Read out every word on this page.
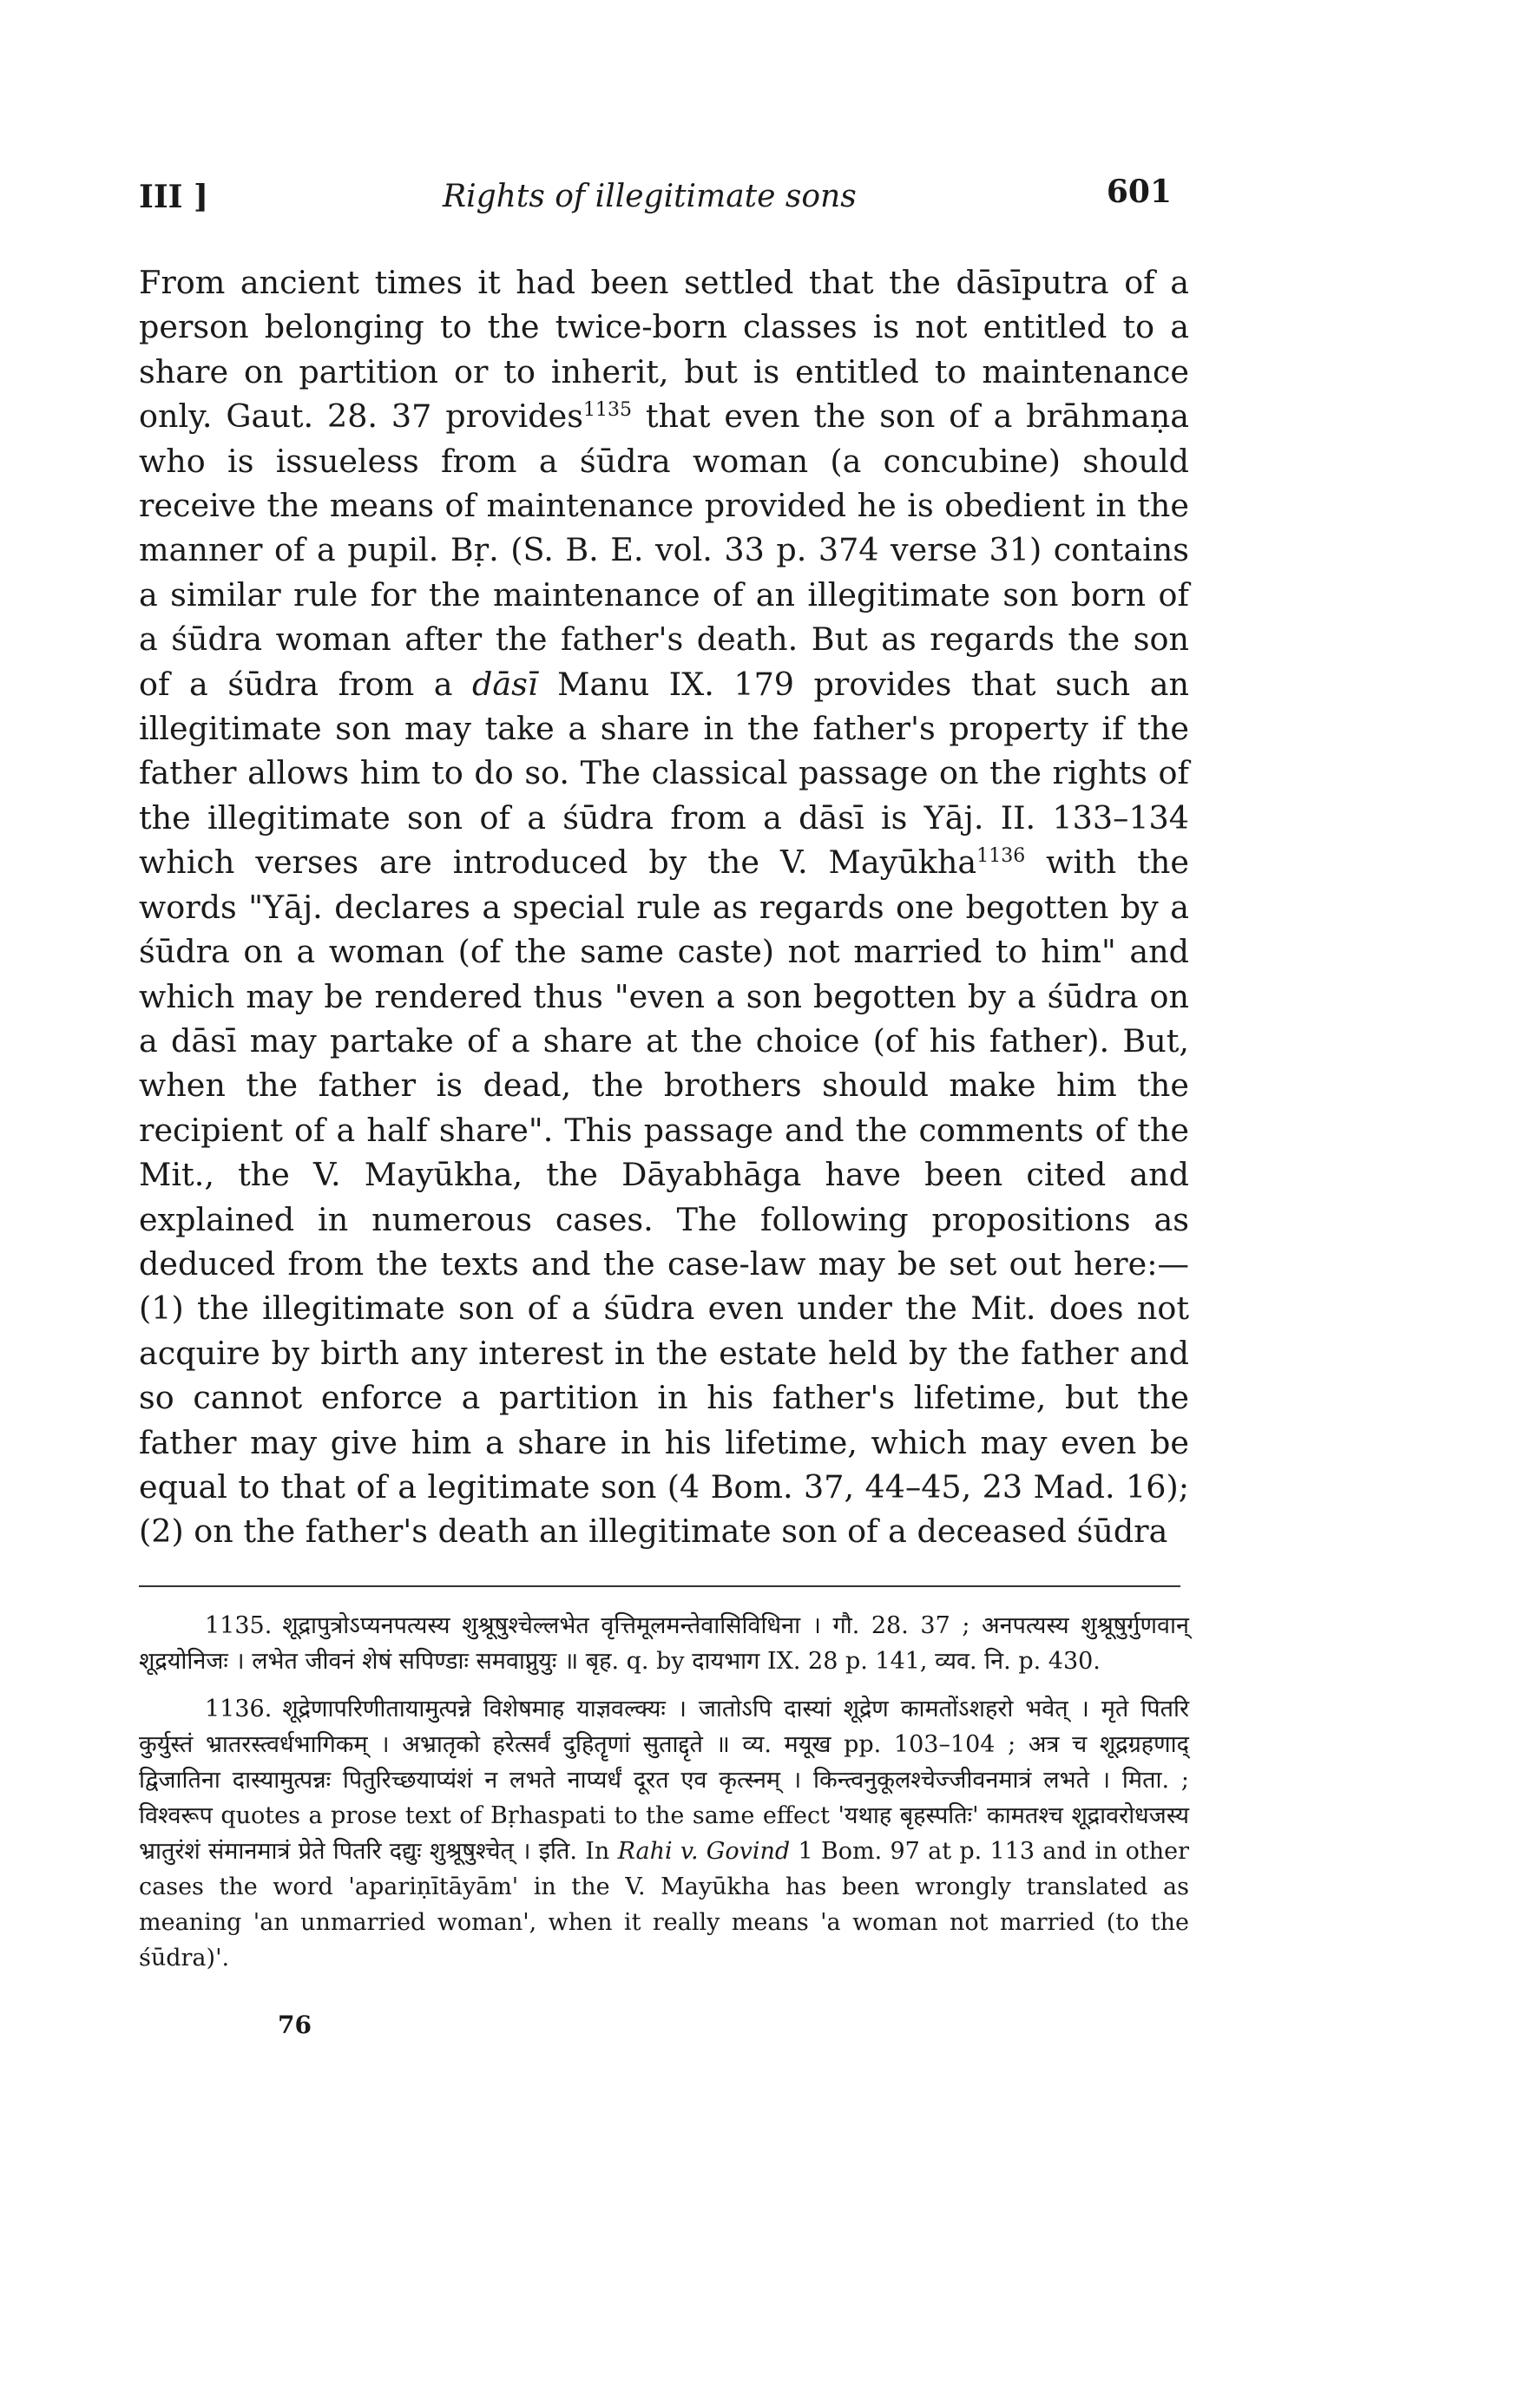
III ]	Rights of illegitimate sons	601

From ancient times it had been settled that the dāsīputra of a person belonging to the twice-born classes is not entitled to a share on partition or to inherit, but is entitled to maintenance only. Gaut. 28. 37 provides$^{1135}$ that even the son of a brāhmaṇa who is issueless from a śūdra woman (a concubine) should receive the means of maintenance provided he is obedient in the manner of a pupil. Bṛ. (S. B. E. vol. 33 p. 374 verse 31) contains a similar rule for the maintenance of an illegitimate son born of a śūdra woman after the father's death. But as regards the son of a śūdra from a dāsī Manu IX. 179 provides that such an illegitimate son may take a share in the father's property if the father allows him to do so. The classical passage on the rights of the illegitimate son of a śūdra from a dāsī is Yāj. II. 133–134 which verses are introduced by the V. Mayūkha$^{1136}$ with the words "Yāj. declares a special rule as regards one begotten by a śūdra on a woman (of the same caste) not married to him" and which may be rendered thus "even a son begotten by a śūdra on a dāsī may partake of a share at the choice (of his father). But, when the father is dead, the brothers should make him the recipient of a half share". This passage and the comments of the Mit., the V. Mayūkha, the Dāyabhāga have been cited and explained in numerous cases. The following propositions as deduced from the texts and the case-law may be set out here:—(1) the illegitimate son of a śūdra even under the Mit. does not acquire by birth any interest in the estate held by the father and so cannot enforce a partition in his father's lifetime, but the father may give him a share in his lifetime, which may even be equal to that of a legitimate son (4 Bom. 37, 44–45, 23 Mad. 16); (2) on the father's death an illegitimate son of a deceased śūdra

1135. शूद्रापुत्रोऽप्यनपत्यस्य शुश्रूषुश्चेल्लभेत वृत्तिमूलमन्तेवासिविधिना । गौ. 28. 37 ; अनपत्यस्य शुश्रूषुर्गुणवान् शूद्रयोनिजः । लभेत जीवनं शेषं सपिण्डाः समवाप्नुयुः ॥ बृह. q. by दायभाग IX. 28 p. 141, व्यव. नि. p. 430.

1136. शूद्रेणापरिणीतायामुत्पन्ने विशेषमाह याज्ञवल्क्यः । जातोऽपि दास्यां शूद्रेण कामतोंऽशहरो भवेत् । मृते पितरि कुर्युस्तं भ्रातरस्त्वर्धभागिकम् । अभ्रातृको हरेत्सर्वं दुहितॄणां सुताद्दृते ॥ व्य. मयूख pp. 103–104 ; अत्र च शूद्रग्रहणाद् द्विजातिना दास्यामुत्पन्नः पितुरिच्छयाप्यंशं न लभते नाप्यर्धं दूरत एव कृत्स्नम् । किन्त्वनुकूलश्चेज्जीवनमात्रं लभते । मिता. ; विश्वरूप quotes a prose text of Bṛhaspati to the same effect 'यथाह बृहस्पतिः' कामतश्च शूद्रावरोधजस्य भ्रातुरंशं संमानमात्रं प्रेते पितरि दद्युः शुश्रूषुश्चेत् । इति. In Rahi v. Govind 1 Bom. 97 at p. 113 and in other cases the word 'apariṇītāyām' in the V. Mayūkha has been wrongly translated as meaning 'an unmarried woman', when it really means 'a woman not married (to the śūdra)'.

76
